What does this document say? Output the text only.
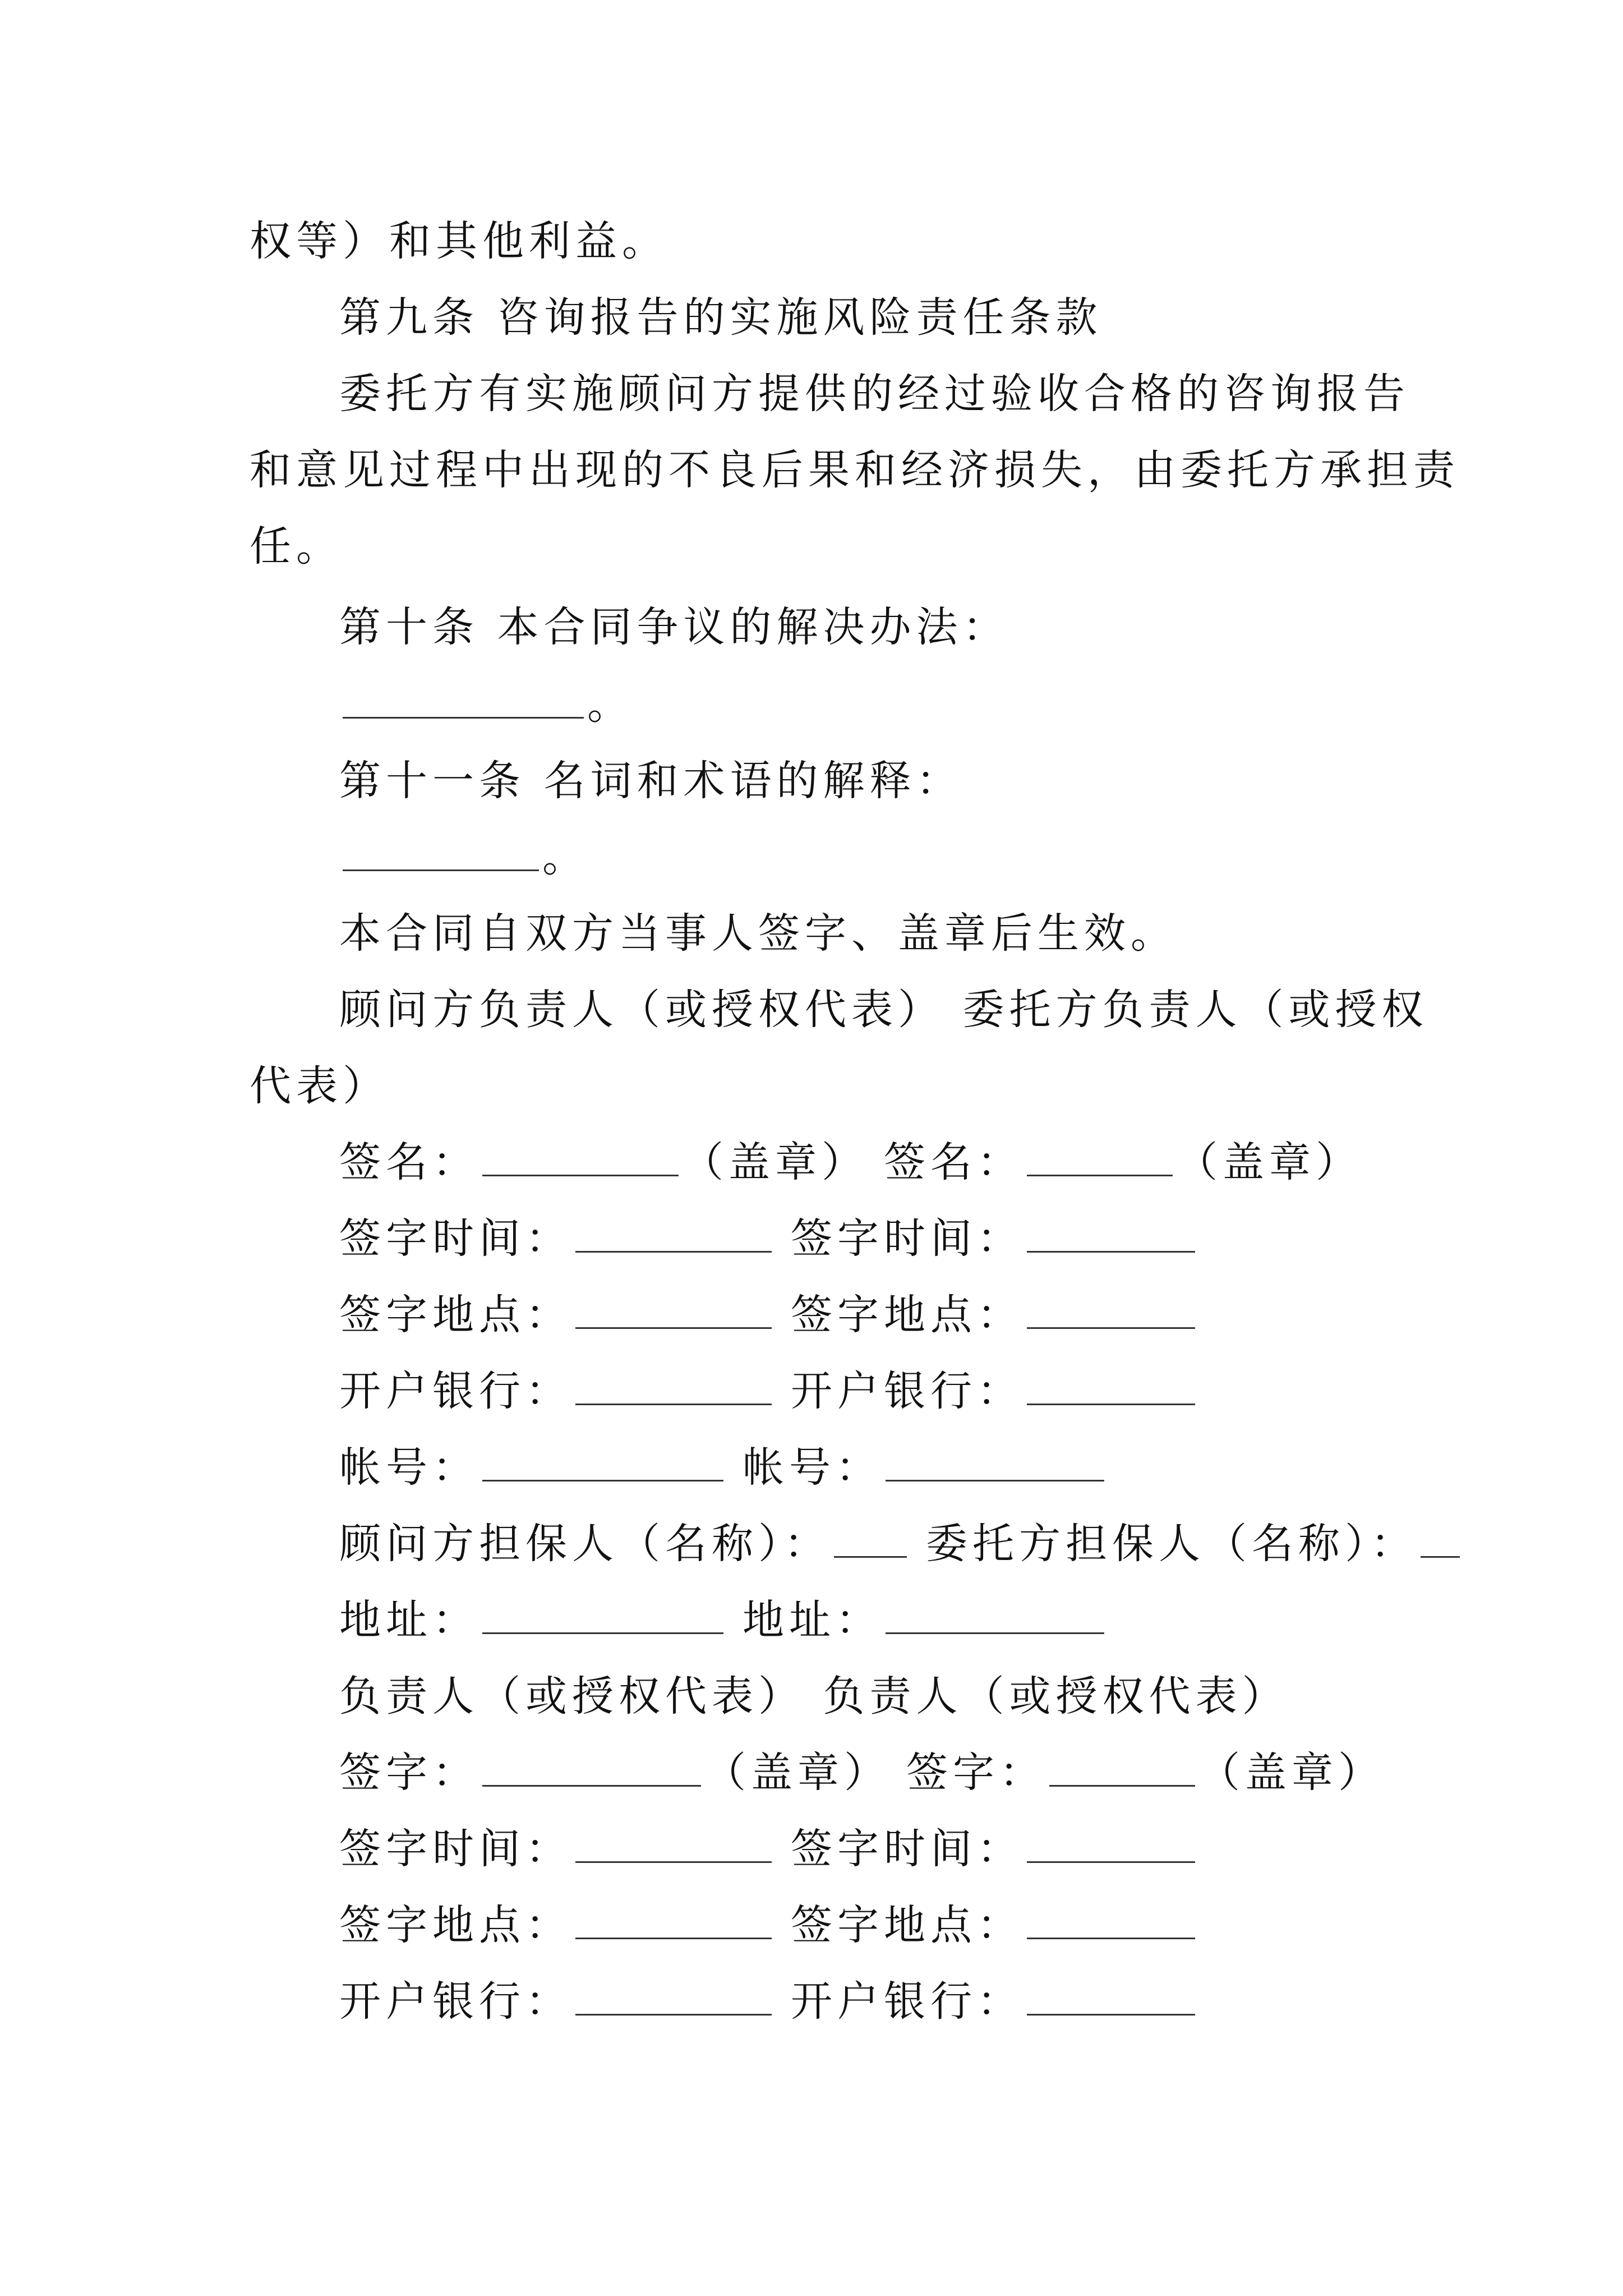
权等）和其他利益。
第九条 咨询报告的实施风险责任条款
委托方有实施顾问方提供的经过验收合格的咨询报告
和意见过程中出现的不良后果和经济损失，由委托方承担责
任。
第十条 本合同争议的解决办法：
。
第十一条 名词和术语的解释：
。
本合同自双方当事人签字、盖章后生效。
顾问方负责人（或授权代表） 委托方负责人（或授权
代表）
签名：	（盖章） 签名：	（盖章）
签字时间：	签字时间：
签字地点：	签字地点：
开户银行：	开户银行：
帐号：	帐号：
顾问方担保人（名称）： 委托方担保人（名称）：
地址：	地址：
负责人（或授权代表） 负责人（或授权代表）
签字：	（盖章） 签字：	（盖章）
签字时间：	签字时间：
签字地点：	签字地点：
开户银行：	开户银行：
